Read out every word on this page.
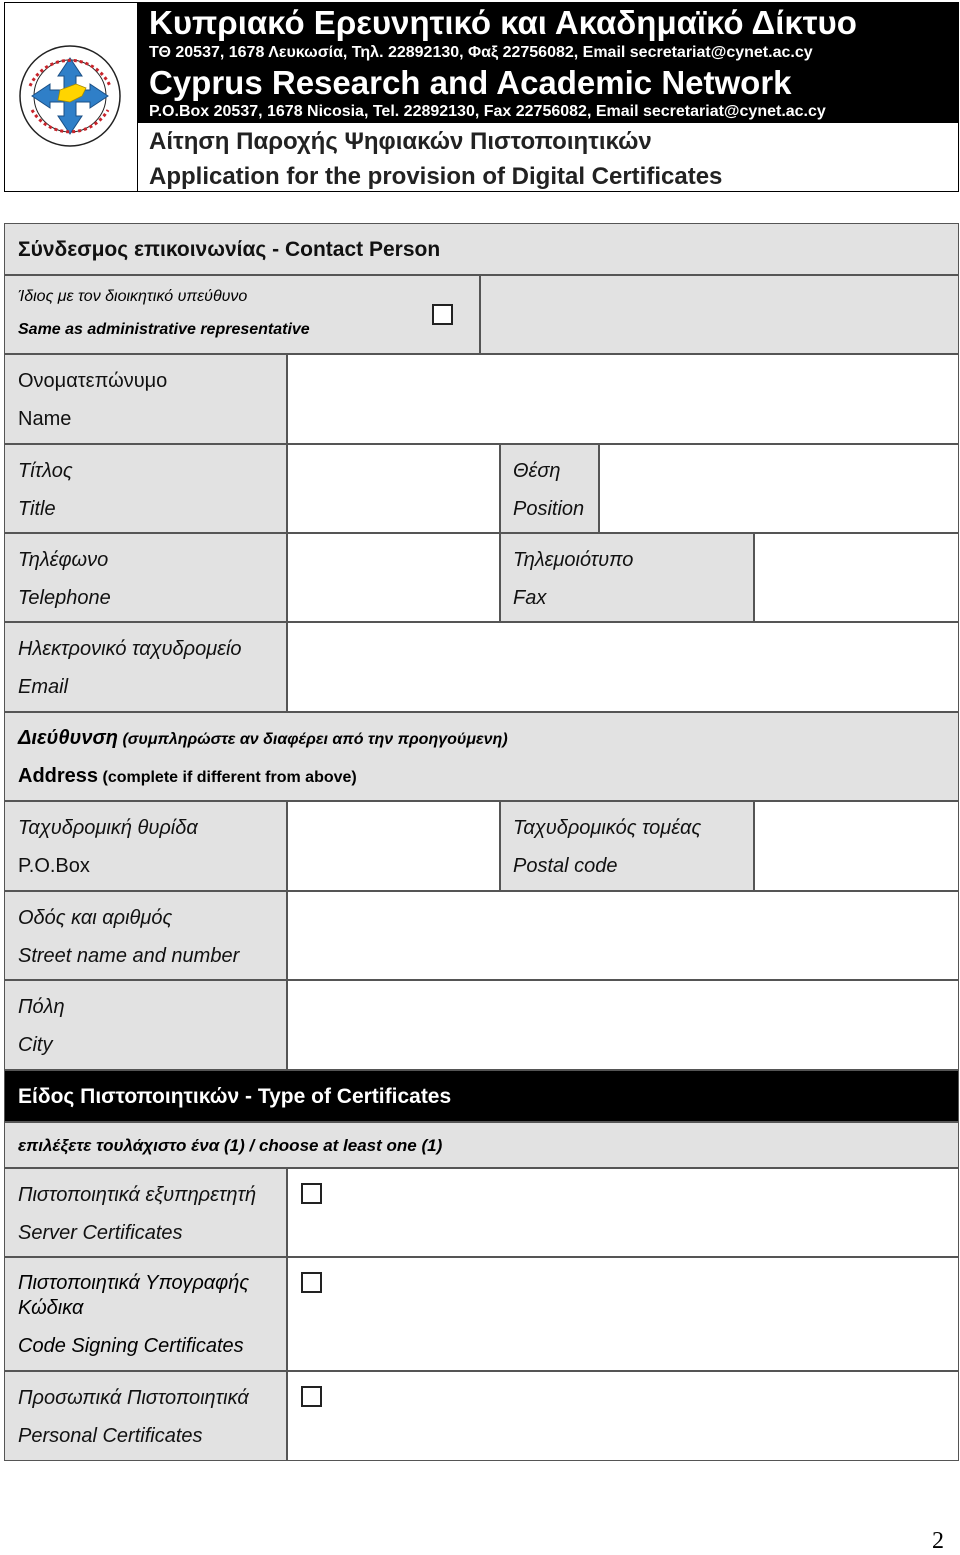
Κυπριακό Ερευνητικό και Ακαδημαϊκό Δίκτυο
ΤΘ 20537, 1678 Λευκωσία, Τηλ. 22892130, Φαξ 22756082, Email secretariat@cynet.ac.cy
Cyprus Research and Academic Network
P.O.Box 20537, 1678 Nicosia, Tel. 22892130, Fax 22756082, Email secretariat@cynet.ac.cy
Αίτηση Παροχής Ψηφιακών Πιστοποιητικών
Application for the provision of Digital Certificates
Σύνδεσμος επικοινωνίας - Contact Person
Ίδιος με τον διοικητικό υπεύθυνο
Same as administrative representative
Ονοματεπώνυμο
Name
Τίτλος
Title
Θέση
Position
Τηλέφωνο
Telephone
Τηλεμοιότυπο
Fax
Ηλεκτρονικό ταχυδρομείο
Email
Διεύθυνση (συμπληρώστε αν διαφέρει από την προηγούμενη)
Address (complete if different from above)
Ταχυδρομική θυρίδα
P.O.Box
Ταχυδρομικός τομέας
Postal code
Οδός και αριθμός
Street name and number
Πόλη
City
Είδος Πιστοποιητικών - Type of Certificates
επιλέξετε τουλάχιστο ένα (1) / choose at least one (1)
Πιστοποιητικά εξυπηρετητή
Server Certificates
Πιστοποιητικά Υπογραφής
Κώδικα
Code Signing Certificates
Προσωπικά Πιστοποιητικά
Personal Certificates
2
